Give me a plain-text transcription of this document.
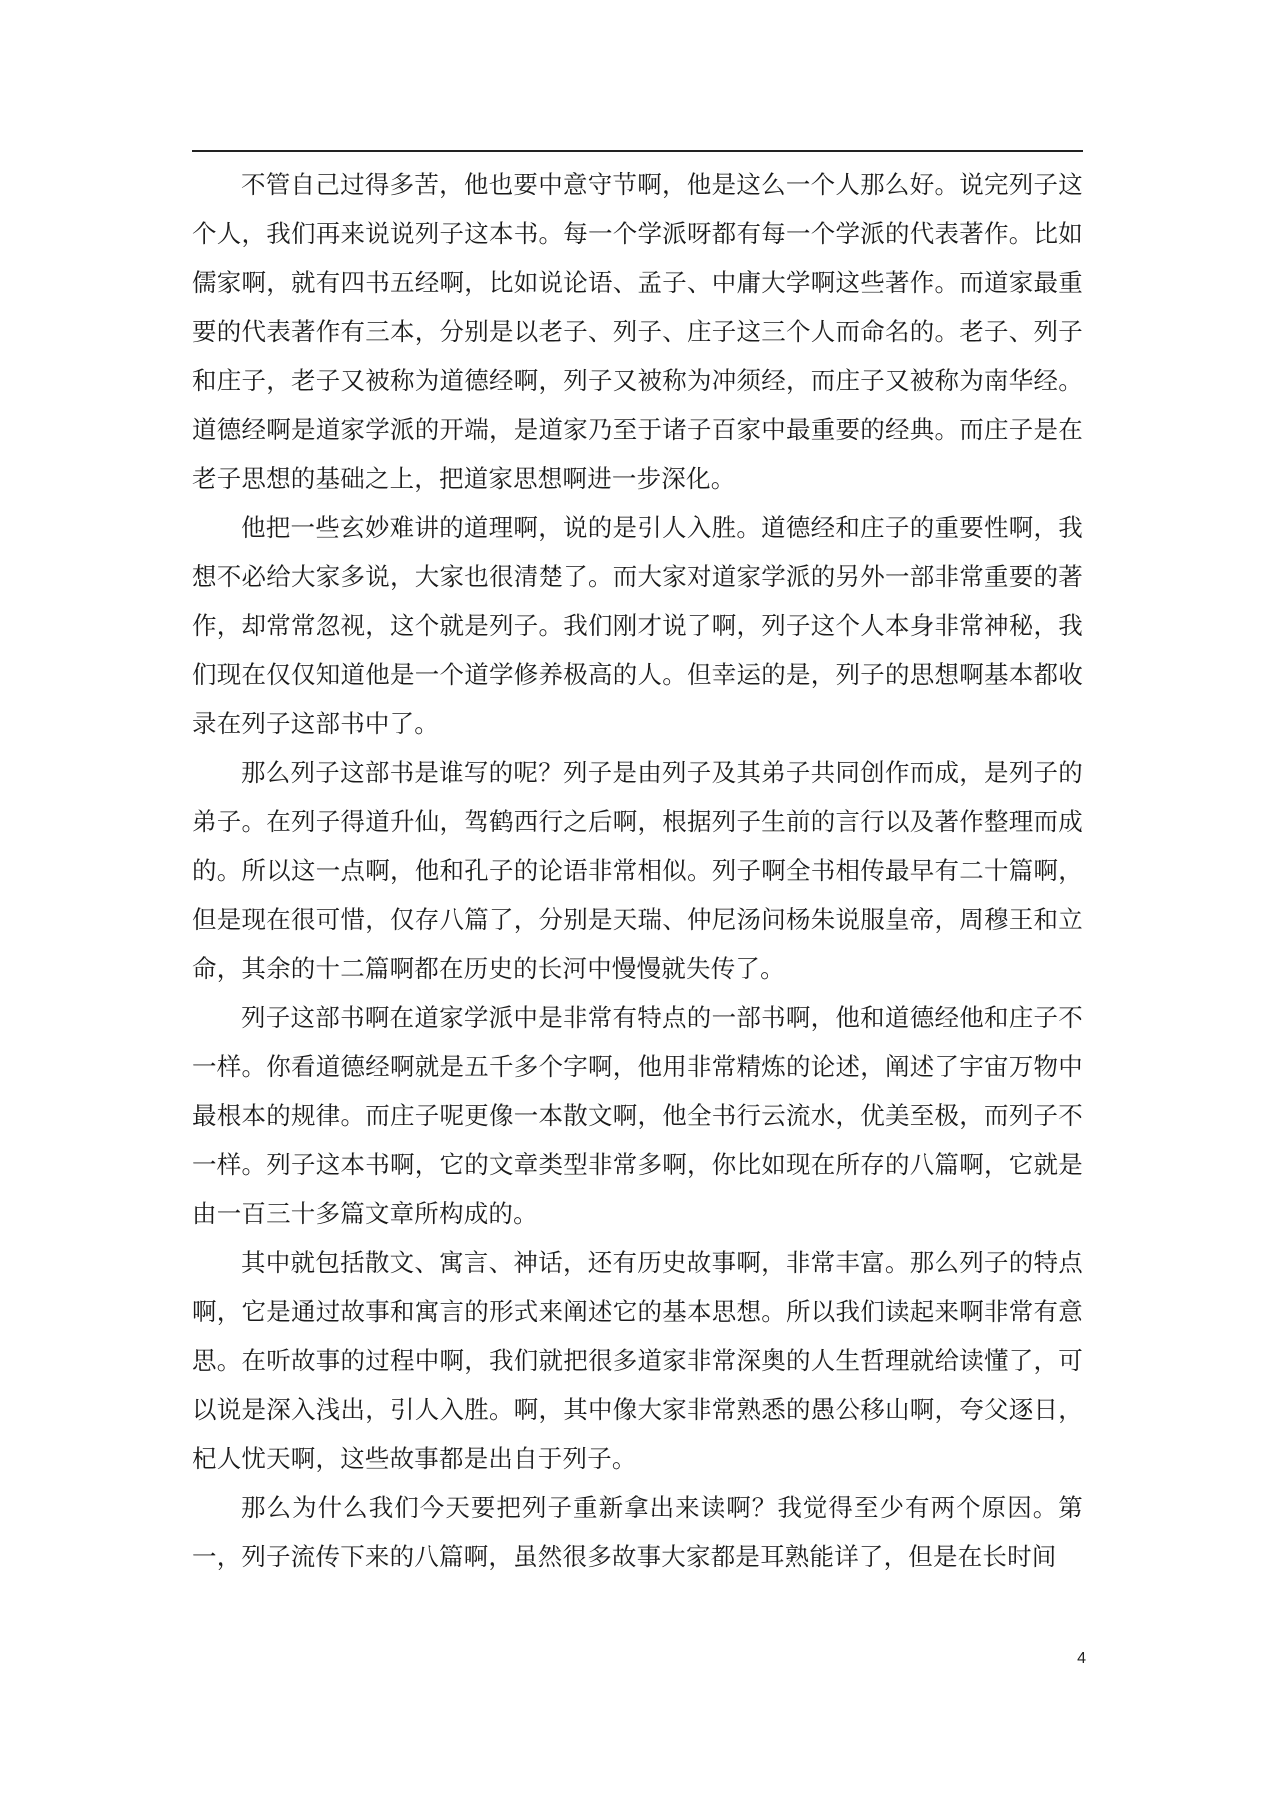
不管自己过得多苦，他也要中意守节啊，他是这么一个人那么好。说完列子这个人，我们再来说说列子这本书。每一个学派呀都有每一个学派的代表著作。比如儒家啊，就有四书五经啊，比如说论语、孟子、中庸大学啊这些著作。而道家最重要的代表著作有三本，分别是以老子、列子、庄子这三个人而命名的。老子、列子和庄子，老子又被称为道德经啊，列子又被称为冲须经，而庄子又被称为南华经。道德经啊是道家学派的开端，是道家乃至于诸子百家中最重要的经典。而庄子是在老子思想的基础之上，把道家思想啊进一步深化。

他把一些玄妙难讲的道理啊，说的是引人入胜。道德经和庄子的重要性啊，我想不必给大家多说，大家也很清楚了。而大家对道家学派的另外一部非常重要的著作，却常常忽视，这个就是列子。我们刚才说了啊，列子这个人本身非常神秘，我们现在仅仅知道他是一个道学修养极高的人。但幸运的是，列子的思想啊基本都收录在列子这部书中了。

那么列子这部书是谁写的呢？列子是由列子及其弟子共同创作而成，是列子的弟子。在列子得道升仙，驾鹤西行之后啊，根据列子生前的言行以及著作整理而成的。所以这一点啊，他和孔子的论语非常相似。列子啊全书相传最早有二十篇啊，但是现在很可惜，仅存八篇了，分别是天瑞、仲尼汤问杨朱说服皇帝，周穆王和立命，其余的十二篇啊都在历史的长河中慢慢就失传了。

列子这部书啊在道家学派中是非常有特点的一部书啊，他和道德经他和庄子不一样。你看道德经啊就是五千多个字啊，他用非常精炼的论述，阐述了宇宙万物中最根本的规律。而庄子呢更像一本散文啊，他全书行云流水，优美至极，而列子不一样。列子这本书啊，它的文章类型非常多啊，你比如现在所存的八篇啊，它就是由一百三十多篇文章所构成的。

其中就包括散文、寓言、神话，还有历史故事啊，非常丰富。那么列子的特点啊，它是通过故事和寓言的形式来阐述它的基本思想。所以我们读起来啊非常有意思。在听故事的过程中啊，我们就把很多道家非常深奥的人生哲理就给读懂了，可以说是深入浅出，引人入胜。啊，其中像大家非常熟悉的愚公移山啊，夸父逐日，杞人忧天啊，这些故事都是出自于列子。

那么为什么我们今天要把列子重新拿出来读啊？我觉得至少有两个原因。第一，列子流传下来的八篇啊，虽然很多故事大家都是耳熟能详了，但是在长时间

4
